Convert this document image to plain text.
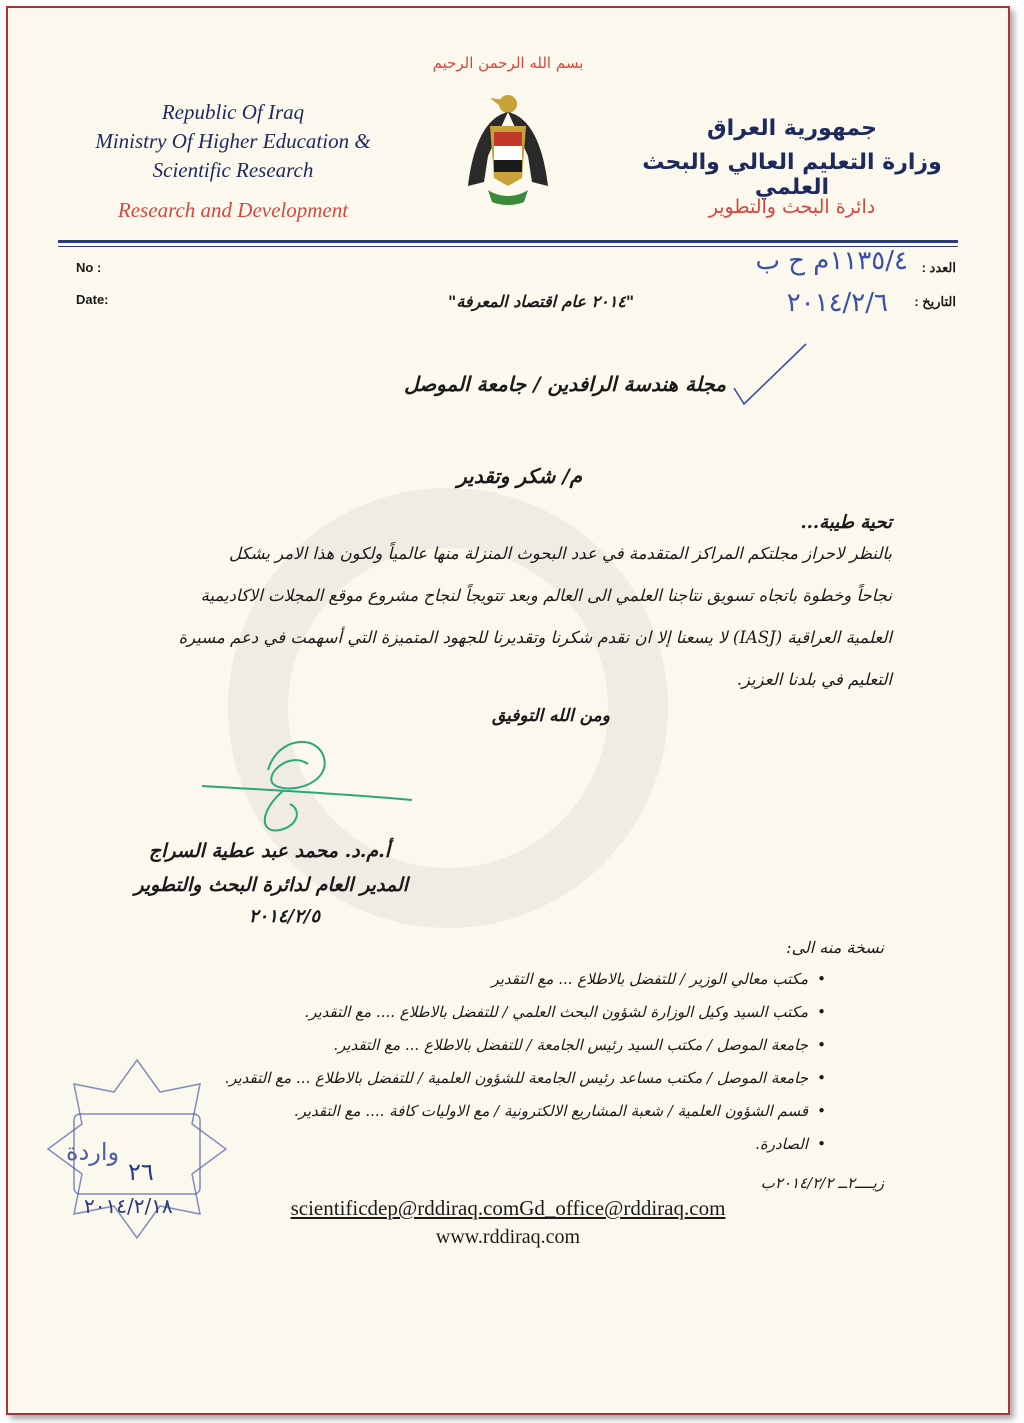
بسم الله الرحمن الرحيم
Republic Of Iraq
Ministry Of Higher Education &
Scientific Research
Research and Development
جمهورية العراق
وزارة التعليم العالي والبحث العلمي
دائرة البحث والتطوير
No :
Date:
العدد :
التاريخ :
١١٣٥/٤م ح ب
٢٠١٤/٢/٦
"٢٠١٤ عام اقتصاد المعرفة"
مجلة هندسة الرافدين / جامعة الموصل
م/ شكر وتقدير
تحية طيبة...
بالنظر لاحراز مجلتكم المراكز المتقدمة في عدد البحوث المنزلة منها عالمياً ولكون هذا الامر يشكل
نجاحاً وخطوة باتجاه تسويق نتاجنا العلمي الى العالم وبعد تتويجاً لنجاح مشروع موقع المجلات الاكاديمية
العلمية العراقية (IASJ) لا يسعنا إلا ان نقدم شكرنا وتقديرنا للجهود المتميزة التي أسهمت في دعم مسيرة
التعليم في بلدنا العزيز.
ومن الله التوفيق
أ.م.د. محمد عبد عطية السراج
المدير العام لدائرة البحث والتطوير
٢٠١٤/٢/٥
نسخة منه الى:
•مكتب معالي الوزير / للتفضل بالاطلاع ... مع التقدير
•مكتب السيد وكيل الوزارة لشؤون البحث العلمي / للتفضل بالاطلاع .... مع التقدير.
•جامعة الموصل / مكتب السيد رئيس الجامعة / للتفضل بالاطلاع ... مع التقدير.
•جامعة الموصل / مكتب مساعد رئيس الجامعة للشؤون العلمية / للتفضل بالاطلاع ... مع التقدير.
•قسم الشؤون العلمية / شعبة المشاريع الالكترونية / مع الاوليات كافة .... مع التقدير.
•الصادرة.
زيــــ٢ــ ٢٠١٤/٢/٢ب
واردة
٢٦
٢٠١٤/٢/١٨	scientificdep@rddiraq.comGd_office@rddiraq.com
www.rddiraq.com
